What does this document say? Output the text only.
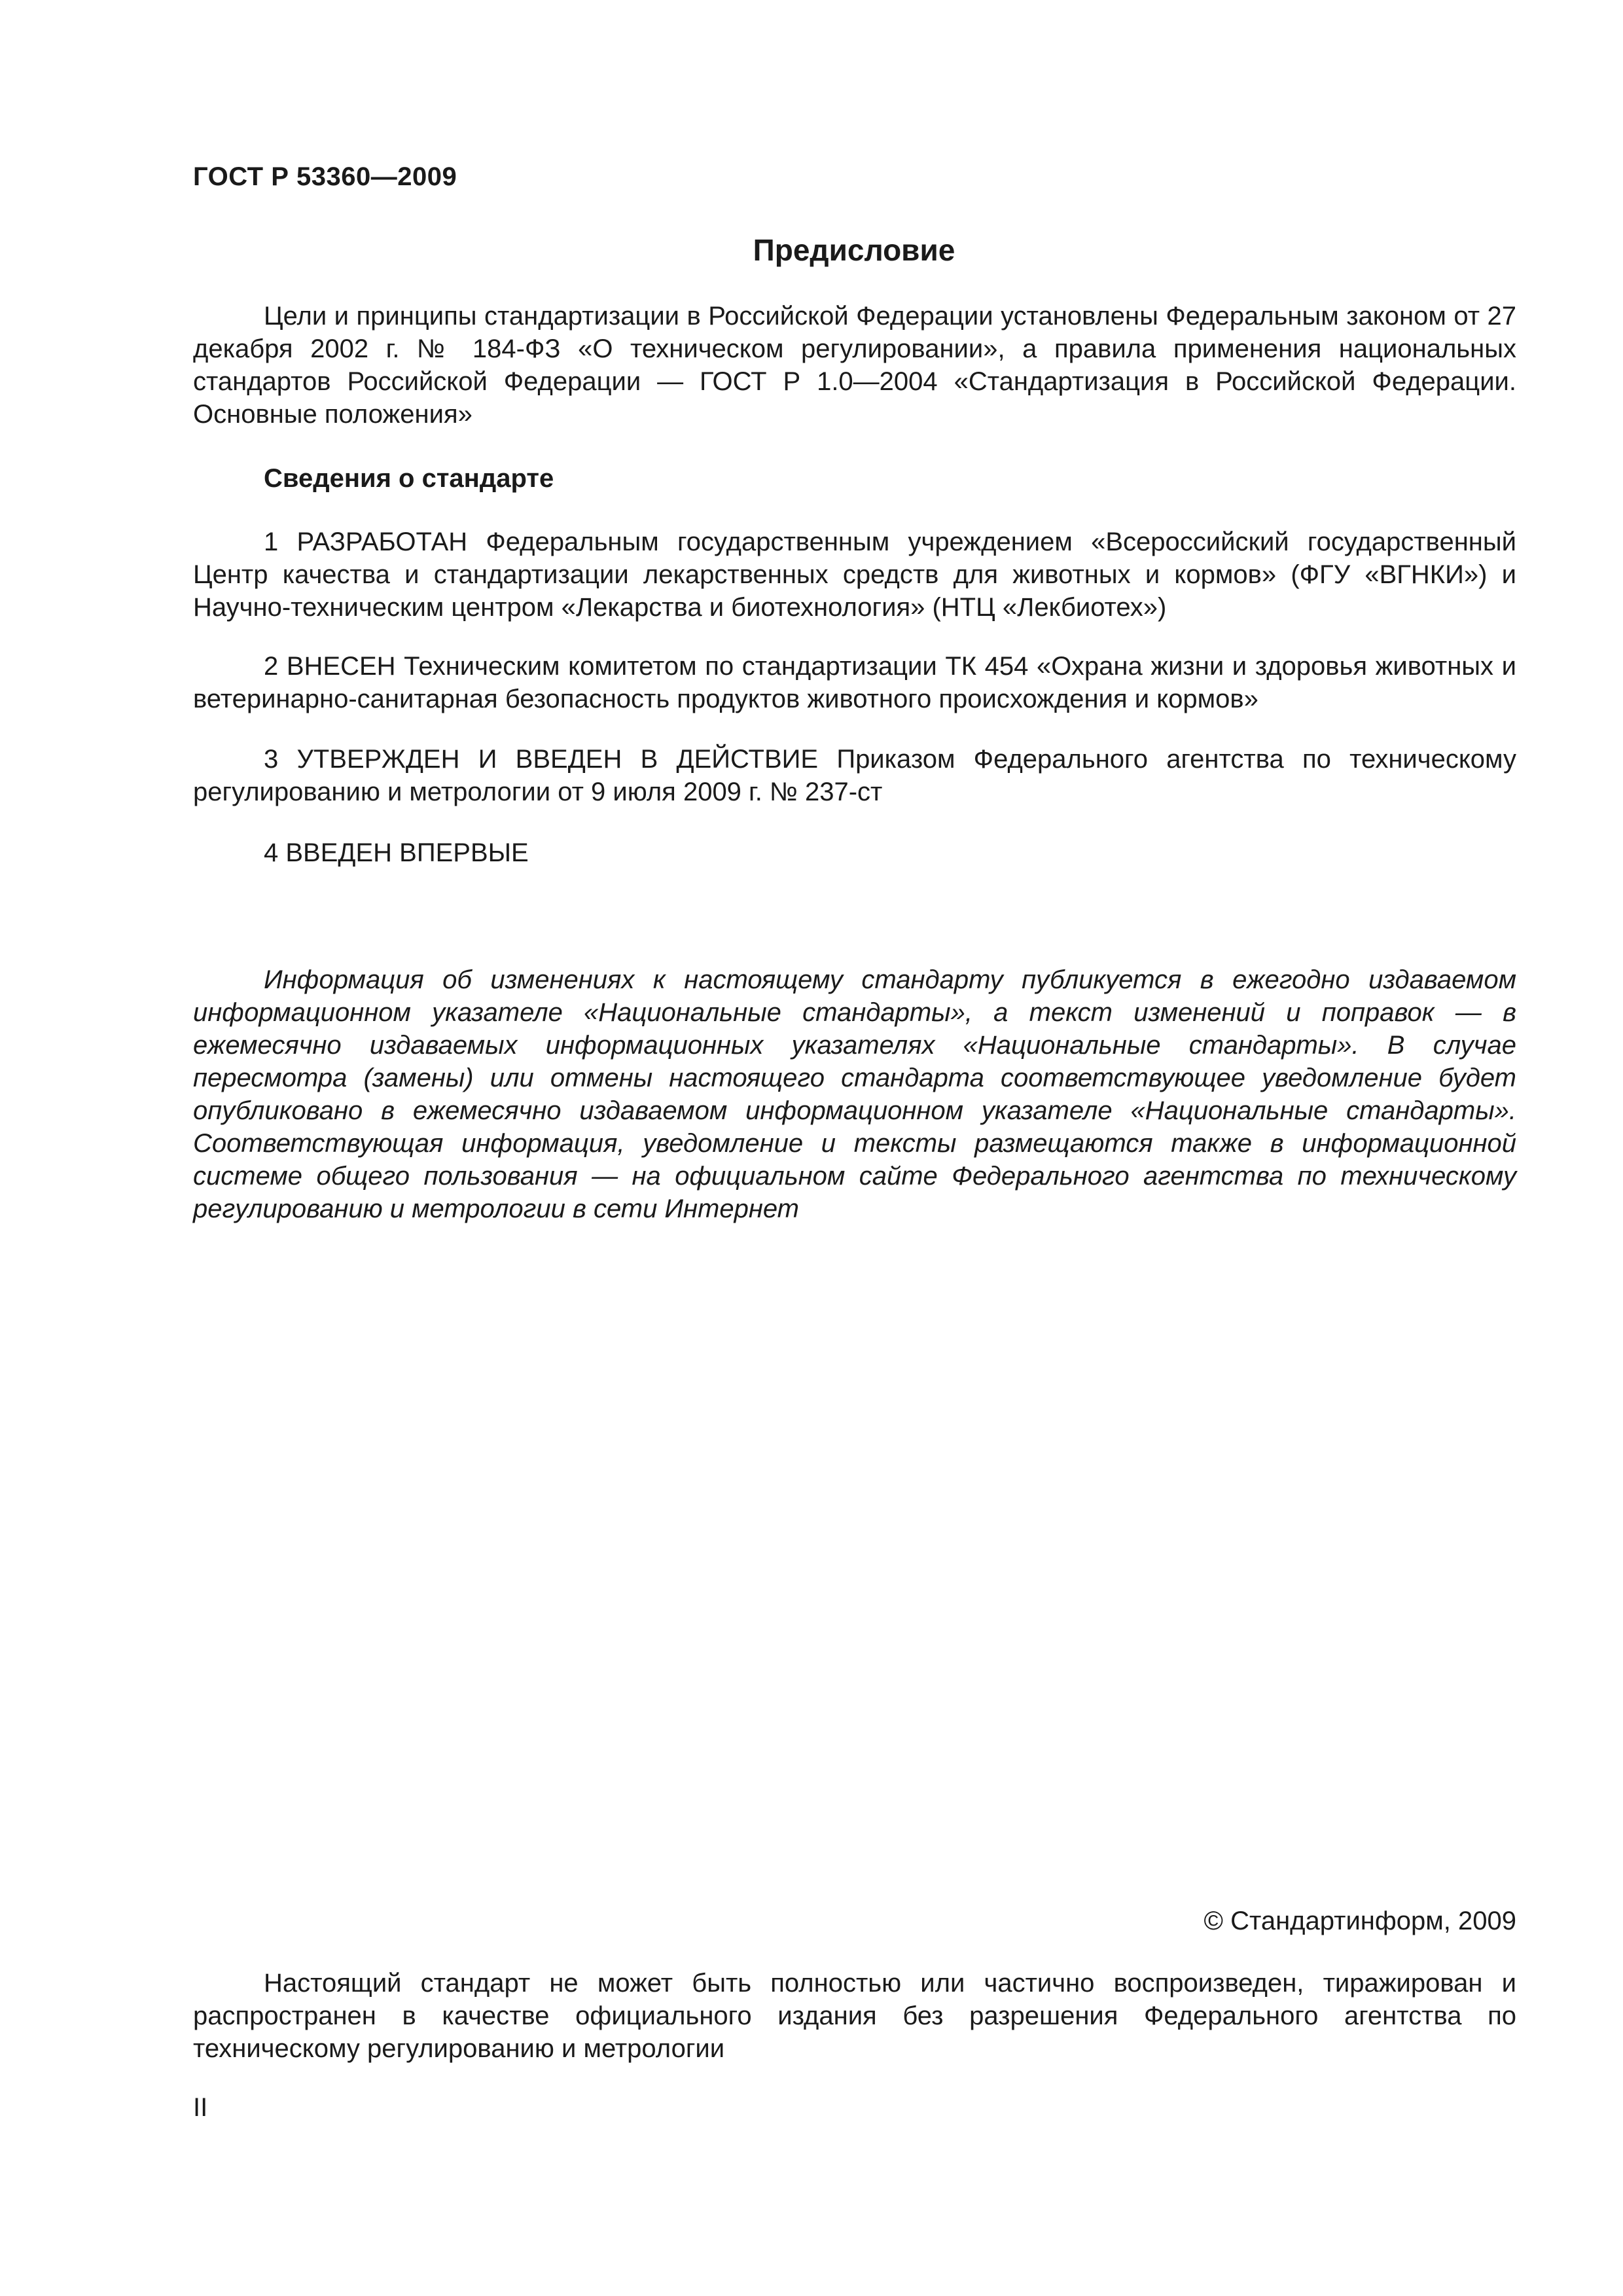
ГОСТ Р 53360—2009
Предисловие

Цели и принципы стандартизации в Российской Федерации установлены Федеральным законом от 27 декабря 2002 г. № 184-ФЗ «О техническом регулировании», а правила применения национальных стандартов Российской Федерации — ГОСТ Р 1.0—2004 «Стандартизация в Российской Федерации. Основные положения»

Сведения о стандарте

1 РАЗРАБОТАН Федеральным государственным учреждением «Всероссийский государственный Центр качества и стандартизации лекарственных средств для животных и кормов» (ФГУ «ВГНКИ») и Научно-техническим центром «Лекарства и биотехнология» (НТЦ «Лекбиотех»)

2 ВНЕСЕН Техническим комитетом по стандартизации ТК 454 «Охрана жизни и здоровья животных и ветеринарно-санитарная безопасность продуктов животного происхождения и кормов»

3 УТВЕРЖДЕН И ВВЕДЕН В ДЕЙСТВИЕ Приказом Федерального агентства по техническому регулированию и метрологии от 9 июля 2009 г. № 237-ст

4 ВВЕДЕН ВПЕРВЫЕ

Информация об изменениях к настоящему стандарту публикуется в ежегодно издаваемом информационном указателе «Национальные стандарты», а текст изменений и поправок — в ежемесячно издаваемых информационных указателях «Национальные стандарты». В случае пересмотра (замены) или отмены настоящего стандарта соответствующее уведомление будет опубликовано в ежемесячно издаваемом информационном указателе «Национальные стандарты». Соответствующая информация, уведомление и тексты размещаются также в информационной системе общего пользования — на официальном сайте Федерального агентства по техническому регулированию и метрологии в сети Интернет

© Стандартинформ, 2009

Настоящий стандарт не может быть полностью или частично воспроизведен, тиражирован и распространен в качестве официального издания без разрешения Федерального агентства по техническому регулированию и метрологии

II
